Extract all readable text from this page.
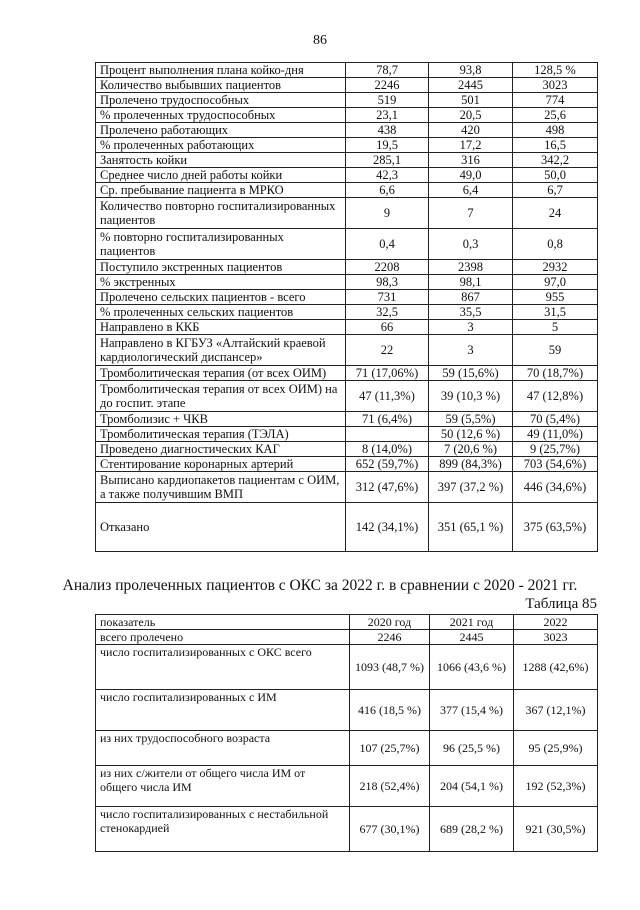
86
Процент выполнения плана койко-дня	78,7	93,8	128,5 %
Количество выбывших пациентов	2246	2445	3023
Пролечено трудоспособных	519	501	774
% пролеченных трудоспособных	23,1	20,5	25,6
Пролечено работающих	438	420	498
% пролеченных работающих	19,5	17,2	16,5
Занятость койки	285,1	316	342,2
Среднее число дней работы койки	42,3	49,0	50,0
Ср. пребывание пациента в МРКО	6,6	6,4	6,7
Количество повторно госпитализированных пациентов	9	7	24
% повторно госпитализированных пациентов	0,4	0,3	0,8
Поступило экстренных пациентов	2208	2398	2932
% экстренных	98,3	98,1	97,0
Пролечено сельских пациентов - всего	731	867	955
% пролеченных сельских пациентов	32,5	35,5	31,5
Направлено в ККБ	66	3	5
Направлено в КГБУЗ «Алтайский краевой кардиологический диспансер»	22	3	59
Тромболитическая терапия (от всех ОИМ)	71 (17,06%)	59 (15,6%)	70 (18,7%)
Тромболитическая терапия от всех ОИМ) на до госпит. этапе	47 (11,3%)	39 (10,3 %)	47 (12,8%)
Тромболизис + ЧКВ	71 (6,4%)	59 (5,5%)	70 (5,4%)
Тромболитическая терапия (ТЭЛА)		50 (12,6 %)	49 (11,0%)
Проведено диагностических КАГ	8 (14,0%)	7 (20,6 %)	9 (25,7%)
Стентирование коронарных артерий	652 (59,7%)	899 (84,3%)	703 (54,6%)
Выписано кардиопакетов пациентам с ОИМ, а также получившим ВМП	312 (47,6%)	397 (37,2 %)	446 (34,6%)
Отказано	142 (34,1%)	351 (65,1 %)	375 (63,5%)
Анализ пролеченных пациентов с ОКС за 2022 г. в сравнении с 2020 - 2021 гг.
Таблица 85
показатель	2020 год	2021 год	2022
всего пролечено	2246	2445	3023
число госпитализированных с ОКС всего	1093 (48,7 %)	1066 (43,6 %)	1288 (42,6%)
число госпитализированных с ИМ	416 (18,5 %)	377 (15,4 %)	367 (12,1%)
из них трудоспособного возраста	107 (25,7%)	96 (25,5 %)	95 (25,9%)
из них с/жители от общего числа ИМ от общего числа ИМ	218 (52,4%)	204 (54,1 %)	192 (52,3%)
число госпитализированных с нестабильной стенокардией	677 (30,1%)	689 (28,2 %)	921 (30,5%)
